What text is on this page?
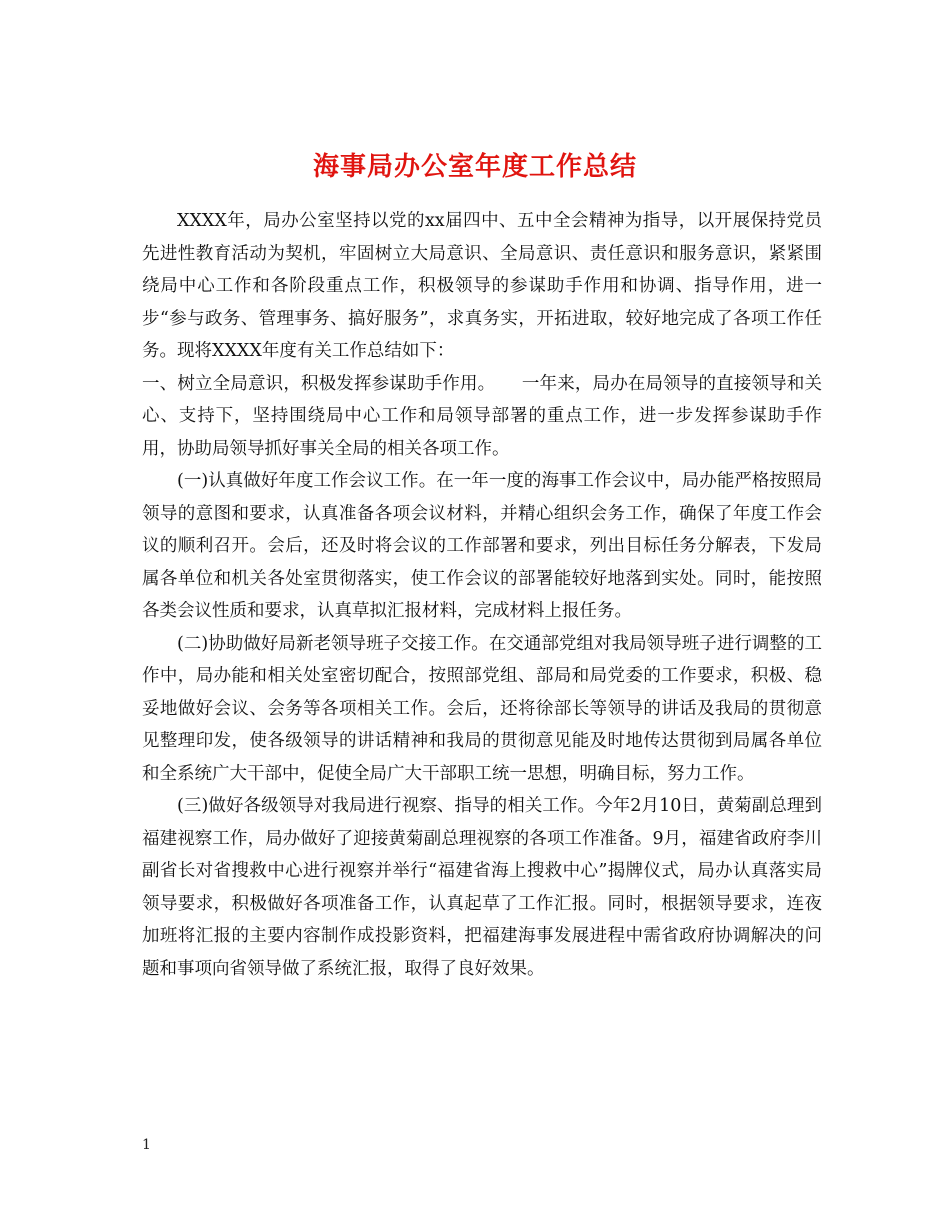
海事局办公室年度工作总结

XXXX年，局办公室坚持以党的xx届四中、五中全会精神为指导，以开展保持党员先进性教育活动为契机，牢固树立大局意识、全局意识、责任意识和服务意识，紧紧围绕局中心工作和各阶段重点工作，积极领导的参谋助手作用和协调、指导作用，进一步“参与政务、管理事务、搞好服务”，求真务实，开拓进取，较好地完成了各项工作任务。现将XXXX年度有关工作总结如下：

一、树立全局意识，积极发挥参谋助手作用。　　一年来，局办在局领导的直接领导和关心、支持下，坚持围绕局中心工作和局领导部署的重点工作，进一步发挥参谋助手作用，协助局领导抓好事关全局的相关各项工作。

(一)认真做好年度工作会议工作。在一年一度的海事工作会议中，局办能严格按照局领导的意图和要求，认真准备各项会议材料，并精心组织会务工作，确保了年度工作会议的顺利召开。会后，还及时将会议的工作部署和要求，列出目标任务分解表，下发局属各单位和机关各处室贯彻落实，使工作会议的部署能较好地落到实处。同时，能按照各类会议性质和要求，认真草拟汇报材料，完成材料上报任务。

(二)协助做好局新老领导班子交接工作。在交通部党组对我局领导班子进行调整的工作中，局办能和相关处室密切配合，按照部党组、部局和局党委的工作要求，积极、稳妥地做好会议、会务等各项相关工作。会后，还将徐部长等领导的讲话及我局的贯彻意见整理印发，使各级领导的讲话精神和我局的贯彻意见能及时地传达贯彻到局属各单位和全系统广大干部中，促使全局广大干部职工统一思想，明确目标，努力工作。

(三)做好各级领导对我局进行视察、指导的相关工作。今年2月10日，黄菊副总理到福建视察工作，局办做好了迎接黄菊副总理视察的各项工作准备。9月，福建省政府李川副省长对省搜救中心进行视察并举行“福建省海上搜救中心”揭牌仪式，局办认真落实局领导要求，积极做好各项准备工作，认真起草了工作汇报。同时，根据领导要求，连夜加班将汇报的主要内容制作成投影资料，把福建海事发展进程中需省政府协调解决的问题和事项向省领导做了系统汇报，取得了良好效果。

1
